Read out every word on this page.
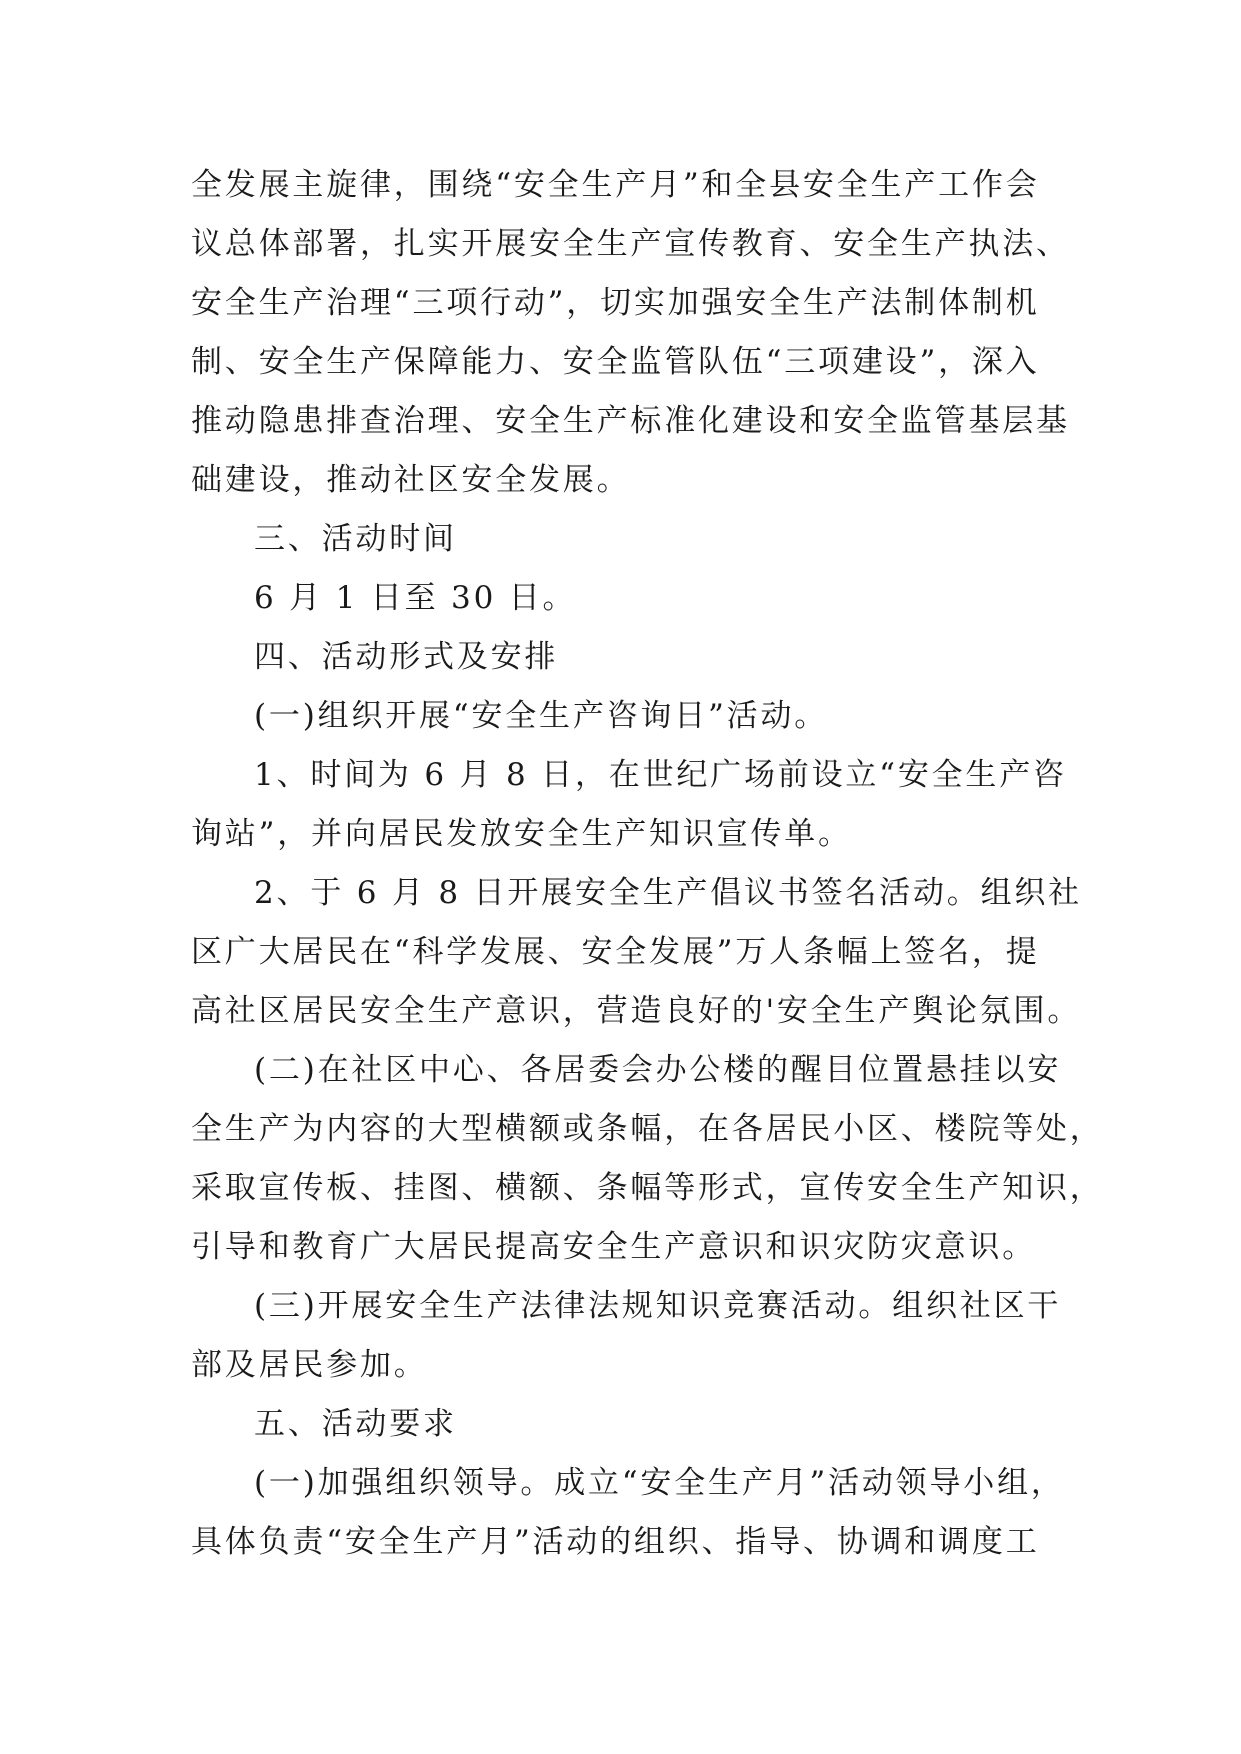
全发展主旋律，围绕“安全生产月”和全县安全生产工作会
议总体部署，扎实开展安全生产宣传教育、安全生产执法、
安全生产治理“三项行动”，切实加强安全生产法制体制机
制、安全生产保障能力、安全监管队伍“三项建设”，深入
推动隐患排查治理、安全生产标准化建设和安全监管基层基
础建设，推动社区安全发展。
三、活动时间
6 月 1 日至 30 日。
四、活动形式及安排
(一)组织开展“安全生产咨询日”活动。
1、时间为 6 月 8 日，在世纪广场前设立“安全生产咨
询站”，并向居民发放安全生产知识宣传单。
2、于 6 月 8 日开展安全生产倡议书签名活动。组织社
区广大居民在“科学发展、安全发展”万人条幅上签名，提
高社区居民安全生产意识，营造良好的'安全生产舆论氛围。
(二)在社区中心、各居委会办公楼的醒目位置悬挂以安
全生产为内容的大型横额或条幅，在各居民小区、楼院等处，
采取宣传板、挂图、横额、条幅等形式，宣传安全生产知识，
引导和教育广大居民提高安全生产意识和识灾防灾意识。
(三)开展安全生产法律法规知识竞赛活动。组织社区干
部及居民参加。
五、活动要求
(一)加强组织领导。成立“安全生产月”活动领导小组，
具体负责“安全生产月”活动的组织、指导、协调和调度工
